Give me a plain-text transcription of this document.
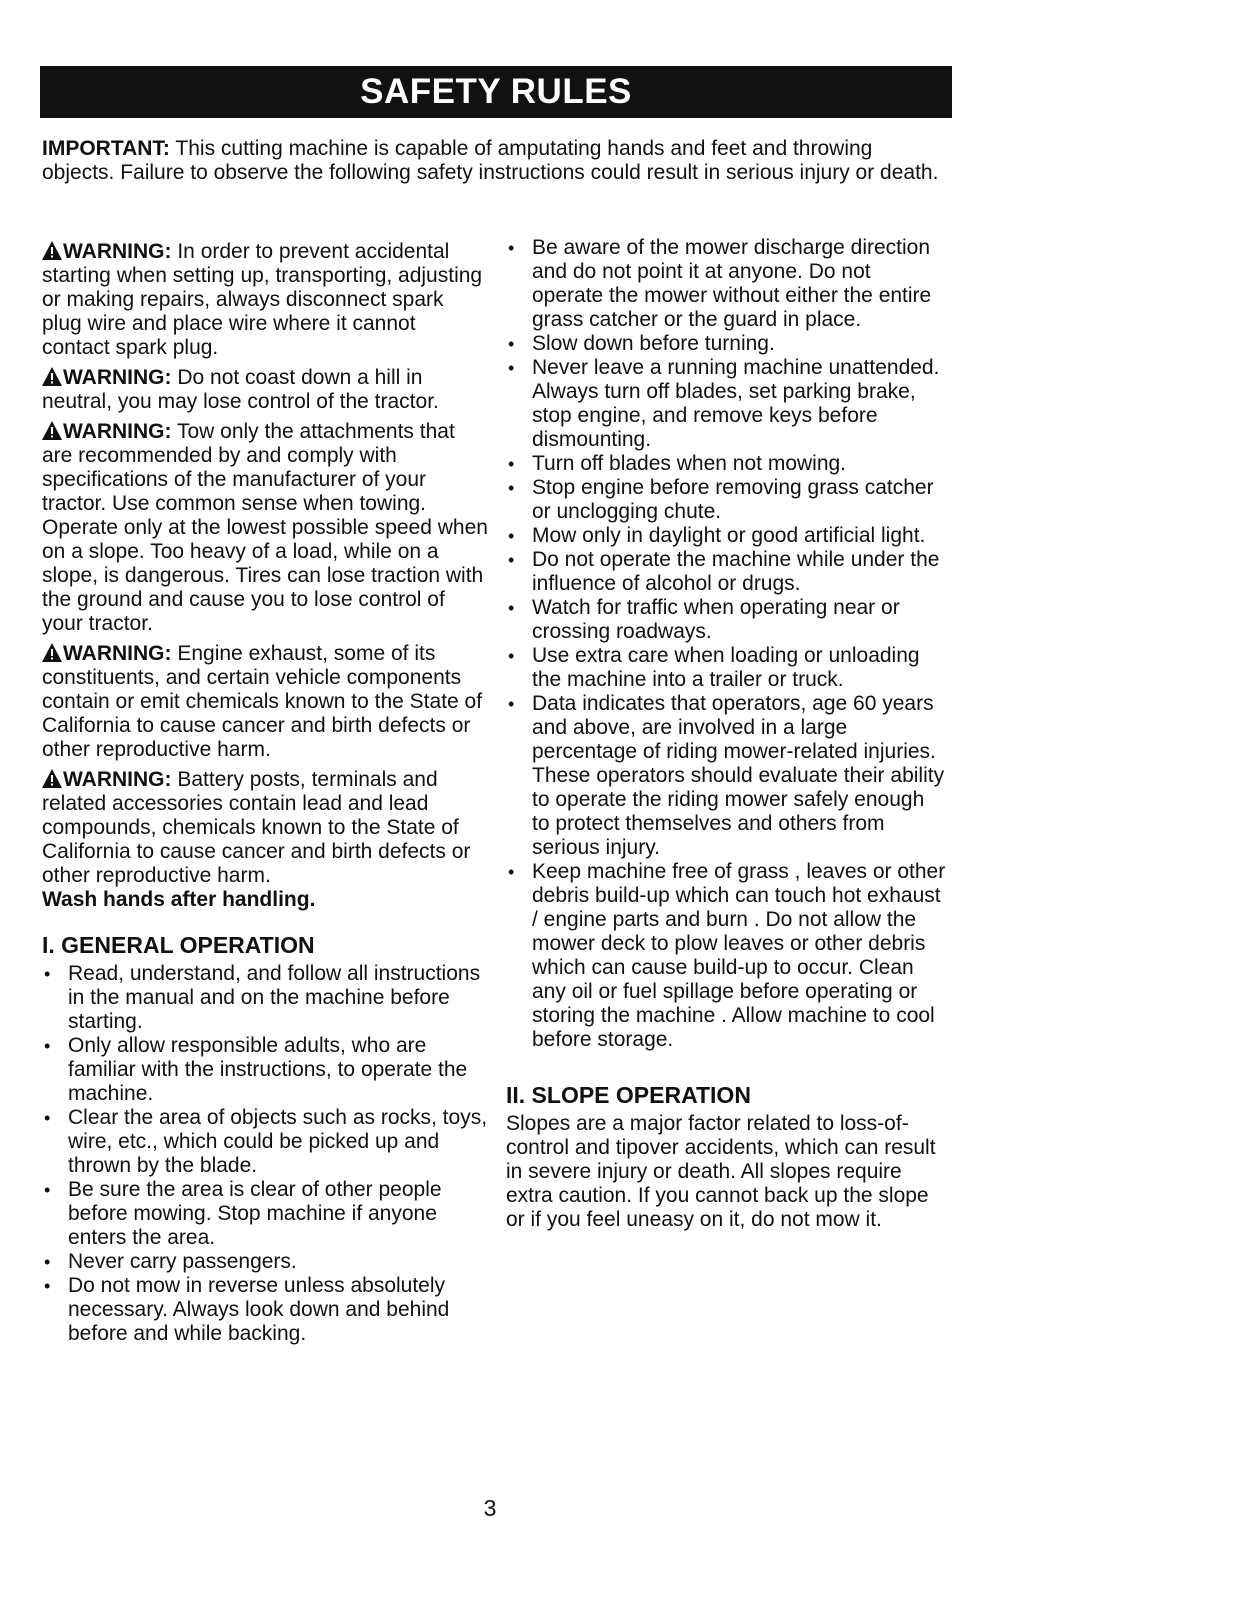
SAFETY RULES
IMPORTANT: This cutting machine is capable of amputating hands and feet and throwing objects. Failure to observe the following safety instructions could result in serious injury or death.
WARNING: In order to prevent accidental starting when setting up, transporting, adjusting or making repairs, always disconnect spark plug wire and place wire where it cannot contact spark plug.
WARNING: Do not coast down a hill in neutral, you may lose control of the tractor.
WARNING: Tow only the attachments that are recommended by and comply with specifications of the manufacturer of your tractor. Use common sense when towing. Operate only at the lowest possible speed when on a slope. Too heavy of a load, while on a slope, is dangerous. Tires can lose traction with the ground and cause you to lose control of your tractor.
WARNING: Engine exhaust, some of its constituents, and certain vehicle components contain or emit chemicals known to the State of California to cause cancer and birth defects or other reproductive harm.
WARNING: Battery posts, terminals and related accessories contain lead and lead compounds, chemicals known to the State of California to cause cancer and birth defects or other reproductive harm.
Wash hands after handling.
I. GENERAL OPERATION
• Read, understand, and follow all instructions in the manual and on the machine before starting.
• Only allow responsible adults, who are familiar with the instructions, to operate the machine.
• Clear the area of objects such as rocks, toys, wire, etc., which could be picked up and thrown by the blade.
• Be sure the area is clear of other people before mowing. Stop machine if anyone enters the area.
• Never carry passengers.
• Do not mow in reverse unless absolutely necessary. Always look down and behind before and while backing.
• Be aware of the mower discharge direction and do not point it at anyone. Do not operate the mower without either the entire grass catcher or the guard in place.
• Slow down before turning.
• Never leave a running machine unattended. Always turn off blades, set parking brake, stop engine, and remove keys before dismounting.
• Turn off blades when not mowing.
• Stop engine before removing grass catcher or unclogging chute.
• Mow only in daylight or good artificial light.
• Do not operate the machine while under the influence of alcohol or drugs.
• Watch for traffic when operating near or crossing roadways.
• Use extra care when loading or unloading the machine into a trailer or truck.
• Data indicates that operators, age 60 years and above, are involved in a large percentage of riding mower-related injuries. These operators should evaluate their ability to operate the riding mower safely enough to protect themselves and others from serious injury.
• Keep machine free of grass , leaves or other debris build-up which can touch hot exhaust / engine parts and burn . Do not allow the mower deck to plow leaves or other debris which can cause build-up to occur. Clean any oil or fuel spillage before operating or storing the machine . Allow machine to cool before storage.
II. SLOPE OPERATION

Slopes are a major factor related to loss-of-control and tipover accidents, which can result in severe injury or death. All slopes require extra caution. If you cannot back up the slope or if you feel uneasy on it, do not mow it.

3
